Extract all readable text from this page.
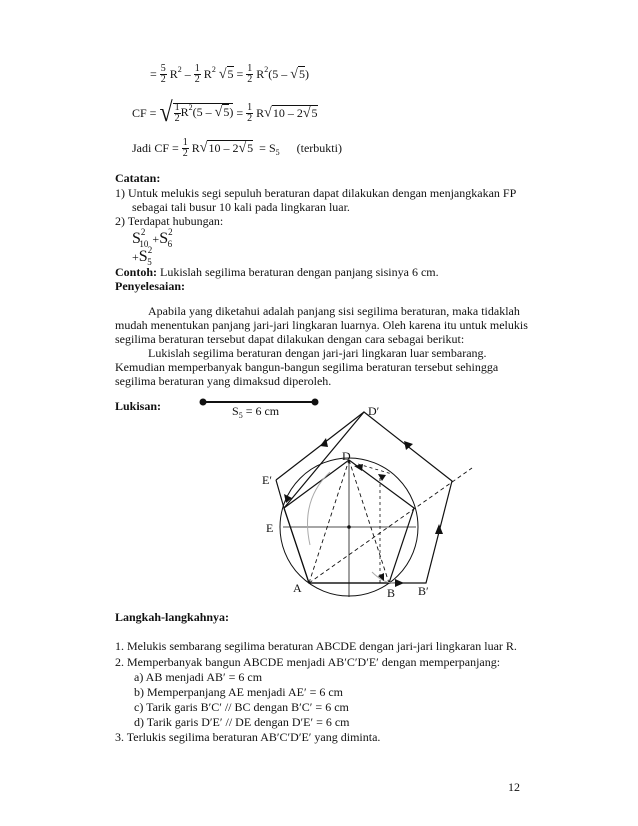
= $\frac{5}{2} R^2 - \frac{1}{2} R^2$ $√5 = \frac{1}{2} R^2(5 - √5)$
CF = √ $\frac{1}{2} R^2(5 - √5) = \frac{1}{2} R√10 - 2√5$
Jadi CF = $\frac{1}{2} R√10 - 2√5 = S_5$ (terbukti)
Catatan:
1) Untuk melukis segi sepuluh beraturan dapat dilakukan dengan menjangkakan FP
sebagai tali busur 10 kali pada lingkaran luar.
2) Terdapat hubungan:
$S^2_{10} +S^2_6 +S^2_5$
Contoh: Lukislah segilima beraturan dengan panjang sisinya 6 cm.
Penyelesaian:
Apabila yang diketahui adalah panjang sisi segilima beraturan, maka tidaklah
mudah menentukan panjang jari-jari lingkaran luarnya. Oleh karena itu untuk melukis
segilima beraturan tersebut dapat dilakukan dengan cara sebagai berikut:
Lukislah segilima beraturan dengan jari-jari lingkaran luar sembarang.
Kemudian memperbanyak bangun-bangun segilima beraturan tersebut sehingga
segilima beraturan yang dimaksud diperoleh.
Lukisan:	$S_5 = 6$ cm	D′
D
E′
E
A	B B′
Langkah-langkahnya:
1. Melukis sembarang segilima beraturan ABCDE dengan jari-jari lingkaran luar R.
2. Memperbanyak bangun ABCDE menjadi AB′C′D′E′ dengan memperpanjang:
a) AB menjadi AB′ = 6 cm
b) Memperpanjang AE menjadi AE′ = 6 cm
c) Tarik garis B′C′ // BC dengan B′C′ = 6 cm
d) Tarik garis D′E′ // DE dengan D′E′ = 6 cm
3. Terlukis segilima beraturan AB′C′D′E′ yang diminta.
12
